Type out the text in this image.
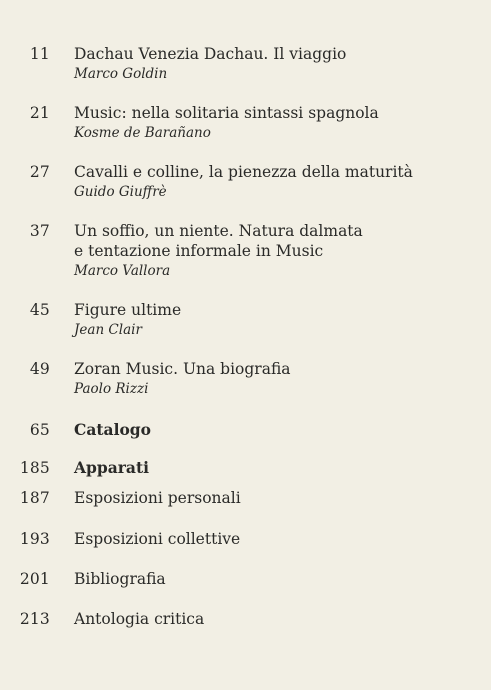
11 Dachau Venezia Dachau. Il viaggio
Marco Goldin
21 Music: nella solitaria sintassi spagnola
Kosme de Barañano
27 Cavalli e colline, la pienezza della maturità
Guido Giuffrè
37 Un soffio, un niente. Natura dalmata
e tentazione informale in Music
Marco Vallora
45 Figure ultime
Jean Clair
49 Zoran Music. Una biografia
Paolo Rizzi
65 Catalogo
185 Apparati
187 Esposizioni personali
193 Esposizioni collettive
201 Bibliografia
213 Antologia critica
